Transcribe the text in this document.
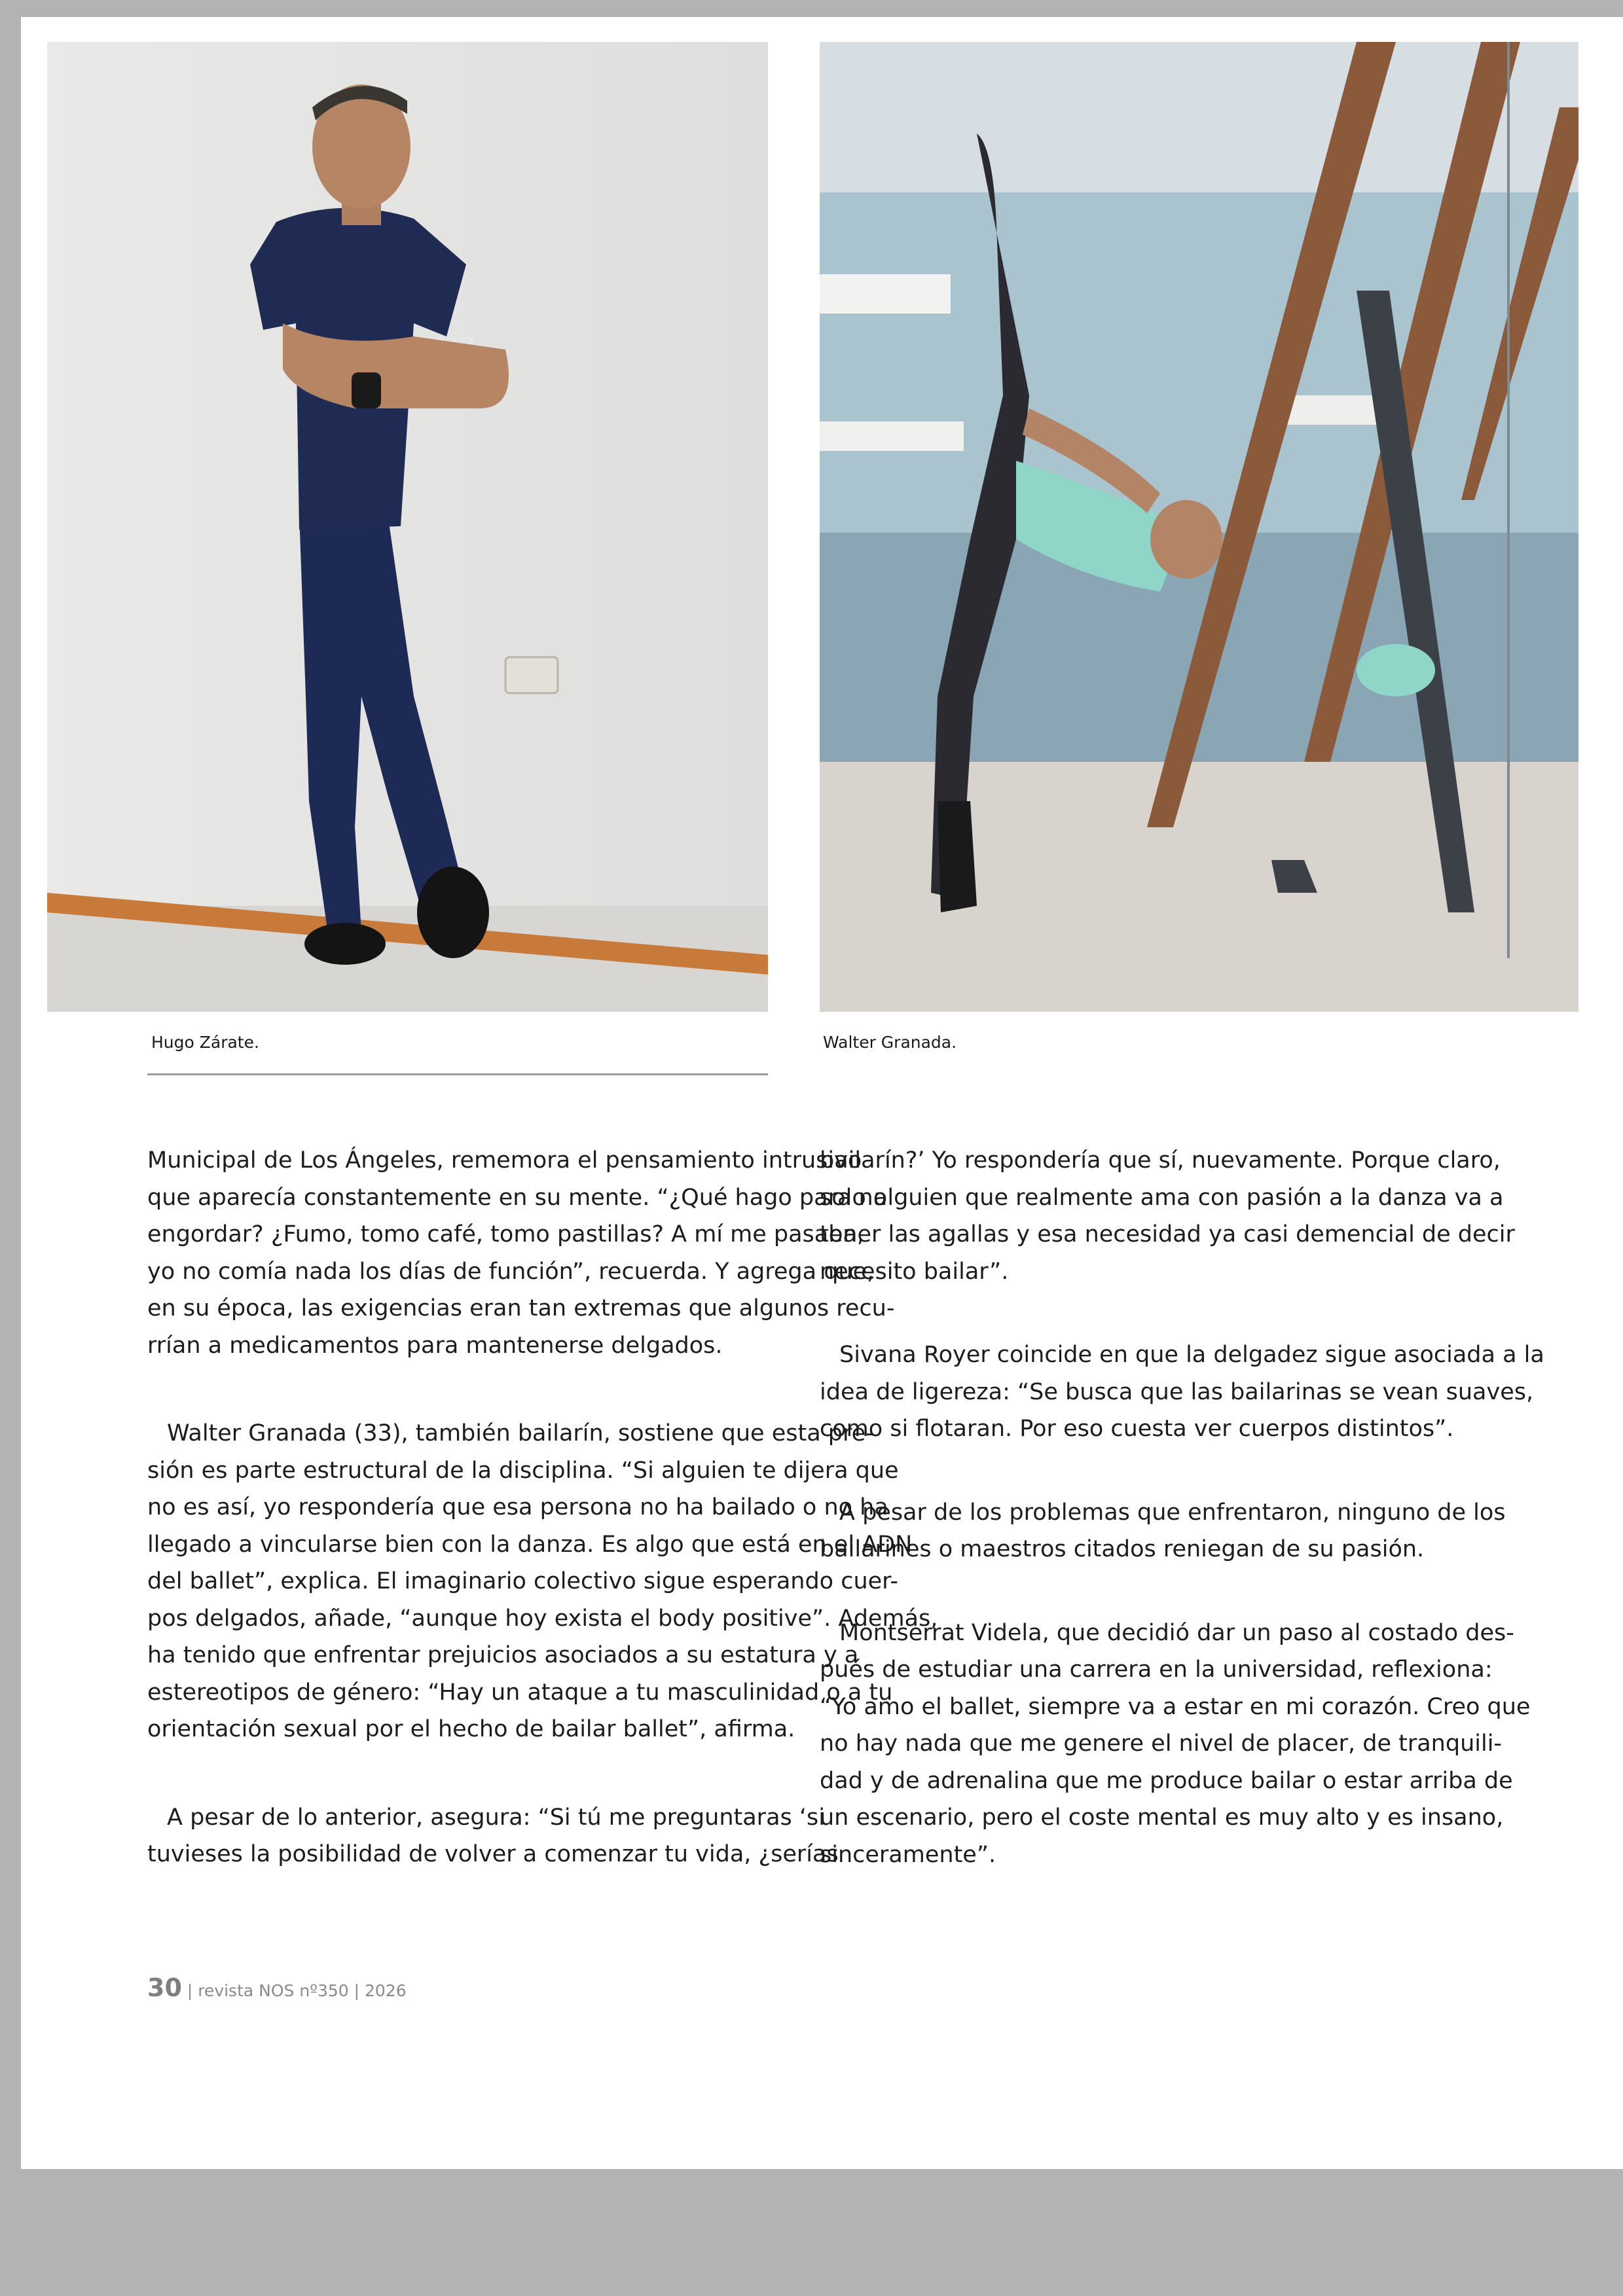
Hugo Zárate.	Walter Granada.

Municipal de Los Ángeles, rememora el pensamiento intrusivo

que aparecía constantemente en su mente. “¿Qué hago para no

engordar? ¿Fumo, tomo café, tomo pastillas? A mí me pasaba,

yo no comía nada los días de función”, recuerda. Y agrega que,

en su época, las exigencias eran tan extremas que algunos recu-

rrían a medicamentos para mantenerse delgados.

Walter Granada (33), también bailarín, sostiene que esta pre-

sión es parte estructural de la disciplina. “Si alguien te dijera que

no es así, yo respondería que esa persona no ha bailado o no ha

llegado a vincularse bien con la danza. Es algo que está en el ADN

del ballet”, explica. El imaginario colectivo sigue esperando cuer-

pos delgados, añade, “aunque hoy exista el body positive”. Además,

ha tenido que enfrentar prejuicios asociados a su estatura y a

estereotipos de género: “Hay un ataque a tu masculinidad o a tu

orientación sexual por el hecho de bailar ballet”, afirma.

A pesar de lo anterior, asegura: “Si tú me preguntaras ‘si

tuvieses la posibilidad de volver a comenzar tu vida, ¿serías

bailarín?’ Yo respondería que sí, nuevamente. Porque claro,

solo alguien que realmente ama con pasión a la danza va a

tener las agallas y esa necesidad ya casi demencial de decir

necesito bailar”.

Sivana Royer coincide en que la delgadez sigue asociada a la

idea de ligereza: “Se busca que las bailarinas se vean suaves,

como si flotaran. Por eso cuesta ver cuerpos distintos”.

A pesar de los problemas que enfrentaron, ninguno de los

bailarines o maestros citados reniegan de su pasión.

Montserrat Videla, que decidió dar un paso al costado des-

pués de estudiar una carrera en la universidad, reflexiona:

“Yo amo el ballet, siempre va a estar en mi corazón. Creo que

no hay nada que me genere el nivel de placer, de tranquili-

dad y de adrenalina que me produce bailar o estar arriba de

un escenario, pero el coste mental es muy alto y es insano,

sinceramente”.

30 | revista NOS nº350 | 2026
